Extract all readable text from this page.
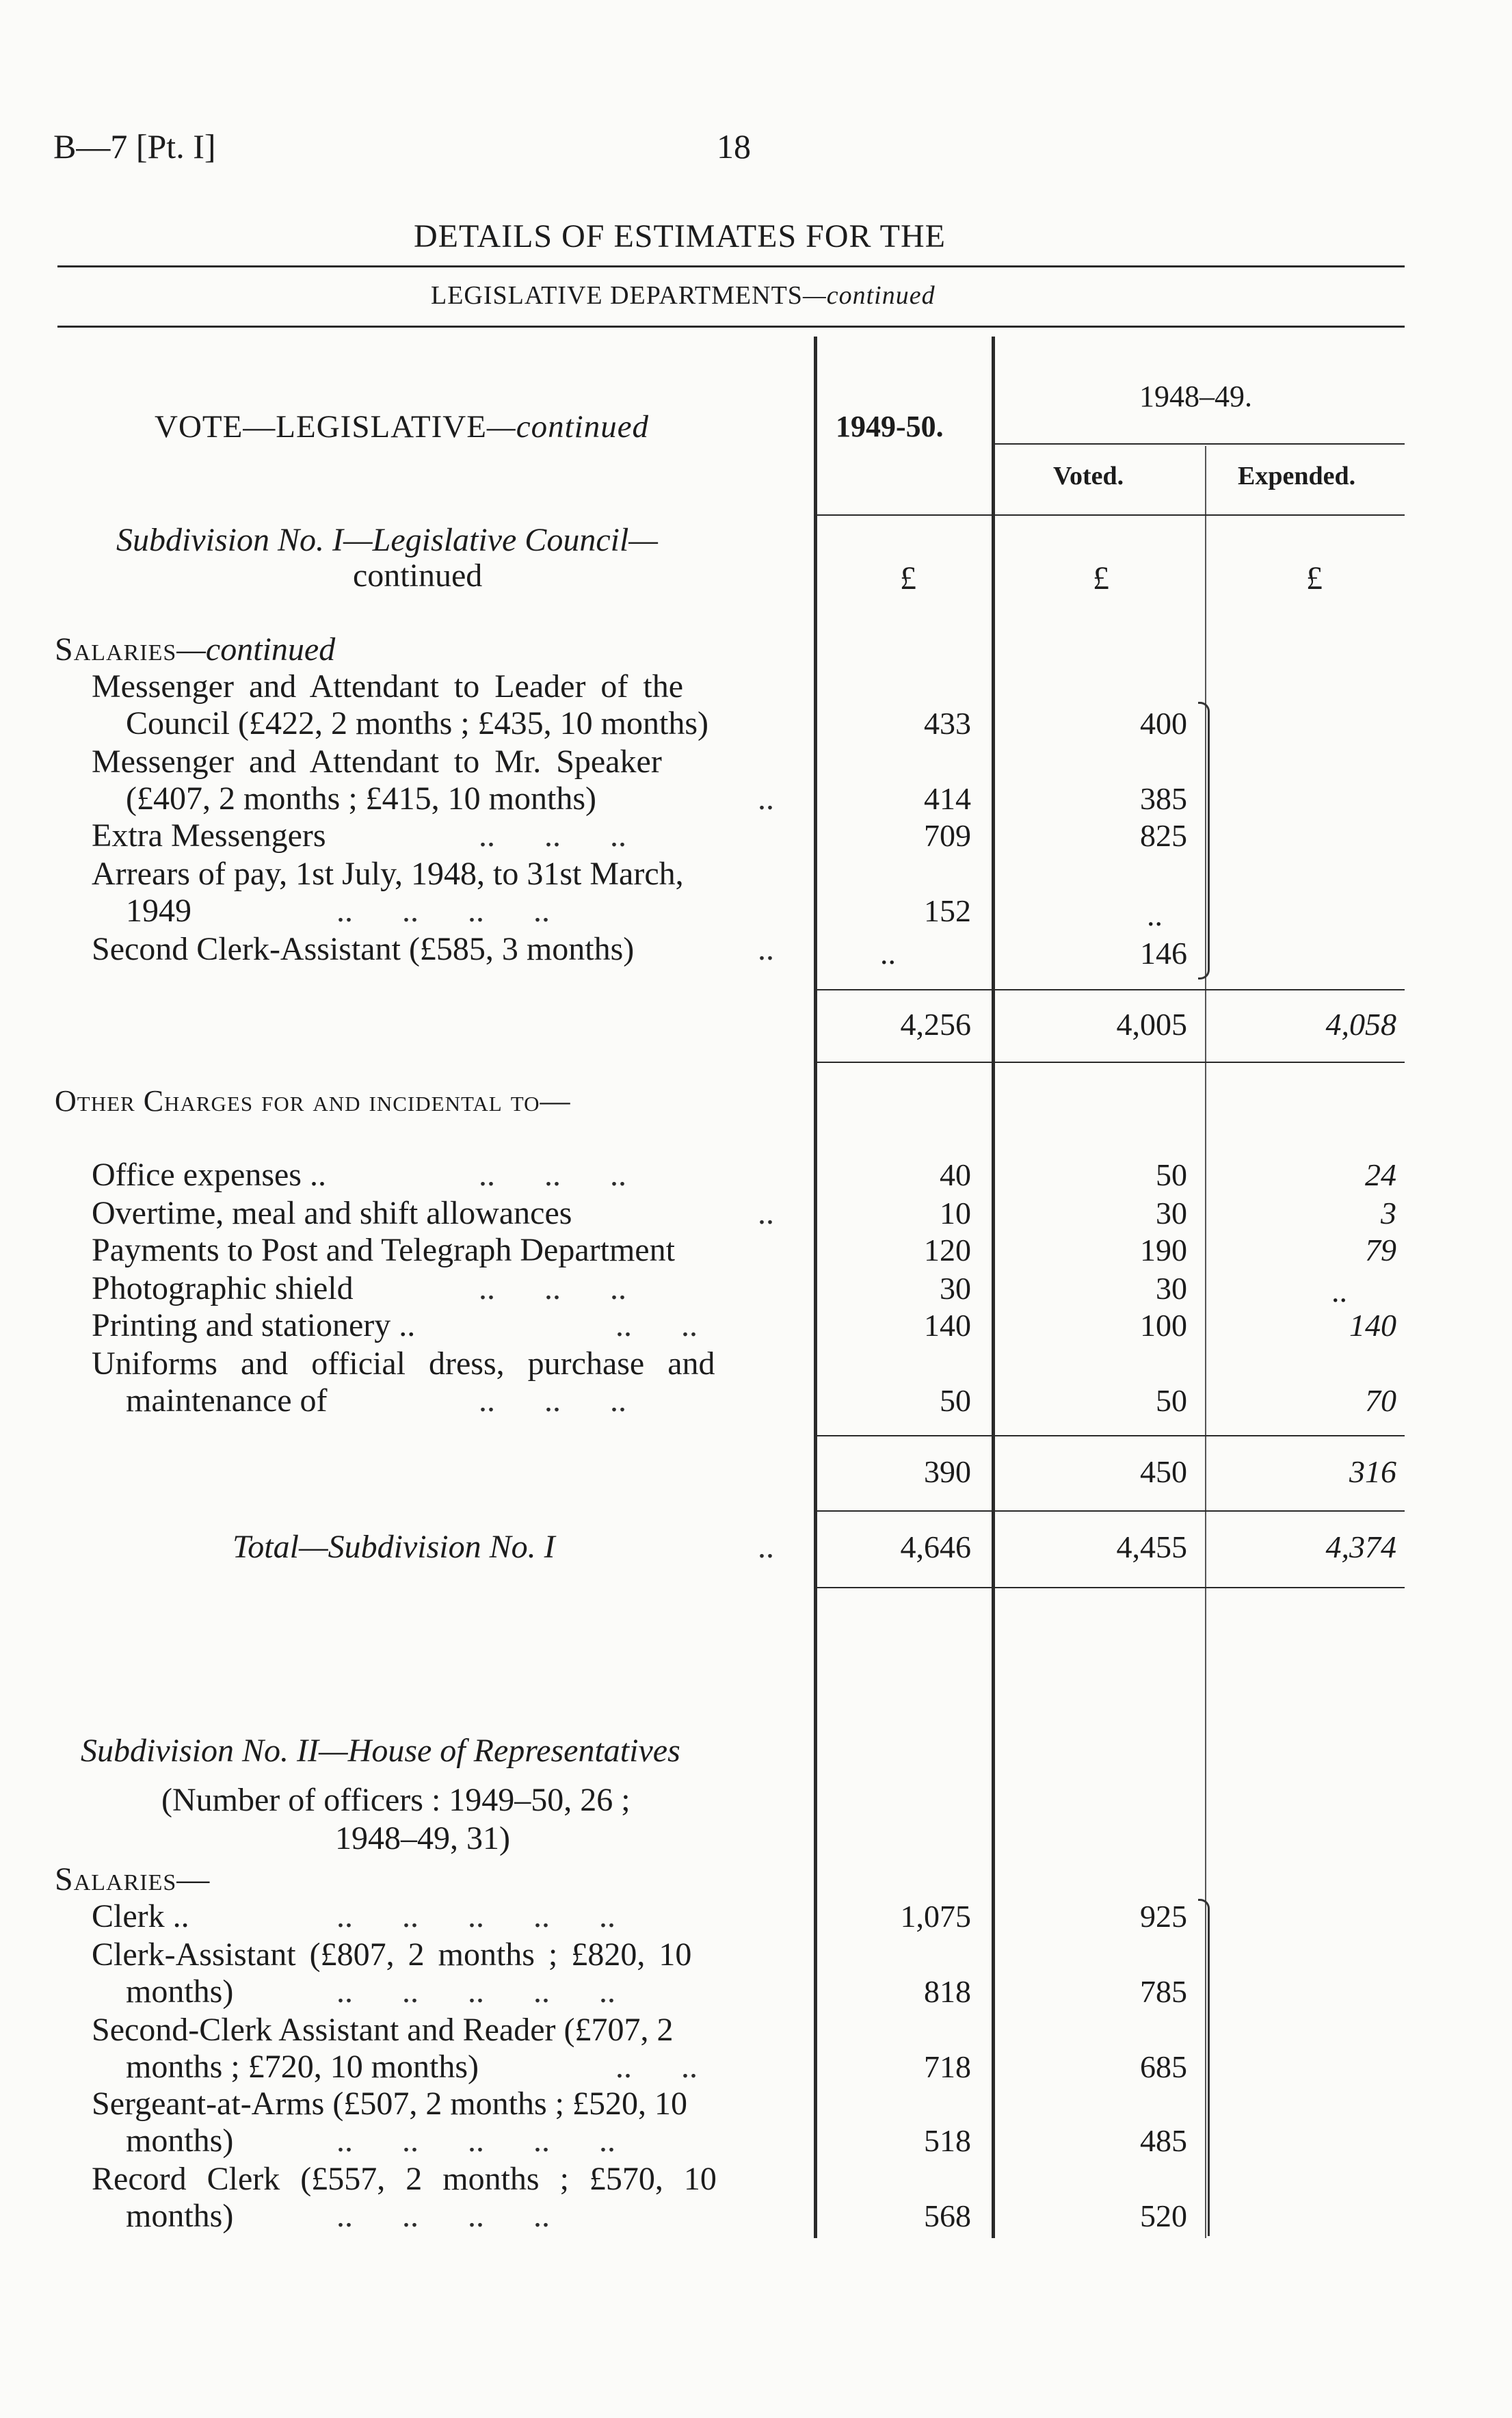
B—7 [Pt. I]	18
DETAILS OF ESTIMATES FOR THE
LEGISLATIVE DEPARTMENTS—continued
VOTE—LEGISLATIVE—continued	1949-50.
1948–49.
Voted.	Expended.
Subdivision No. I—Legislative Council—
continued	£	£	£
Salaries—continued
Messenger and Attendant to Leader of the
Council (£422, 2 months ; £435, 10 months)	433	400
Messenger and Attendant to Mr. Speaker
(£407, 2 months ; £415, 10 months)	..	414	385
Extra Messengers	..      ..      ..	709	825
Arrears of pay, 1st July, 1948, to 31st March,
1949	..      ..      ..      ..	152	..
Second Clerk-Assistant (£585, 3 months)	..	..	146
4,256	4,005	4,058
Other Charges for and incidental to—
Office expenses ..	..      ..      ..	40	50	24
Overtime, meal and shift allowances	..	10	30	3
Payments to Post and Telegraph Department	120	190	79
Photographic shield	..      ..      ..	30	30	..
Printing and stationery ..	..      ..	140	100	140
Uniforms and official dress, purchase and
maintenance of	..      ..      ..	50	50	70
390	450	316
Total—Subdivision No. I	..	4,646	4,455	4,374
Subdivision No. II—House of Representatives
(Number of officers : 1949–50, 26 ;
1948–49, 31)
Salaries—
Clerk ..	..      ..      ..      ..      ..	1,075	925
Clerk-Assistant (£807, 2 months ; £820, 10
months)	..      ..      ..      ..      ..	818	785
Second-Clerk Assistant and Reader (£707, 2
months ; £720, 10 months)	..      ..	718	685
Sergeant-at-Arms (£507, 2 months ; £520, 10
months)	..      ..      ..      ..      ..	518	485
Record Clerk (£557, 2 months ; £570, 10
months)	..      ..      ..      ..	568	520
